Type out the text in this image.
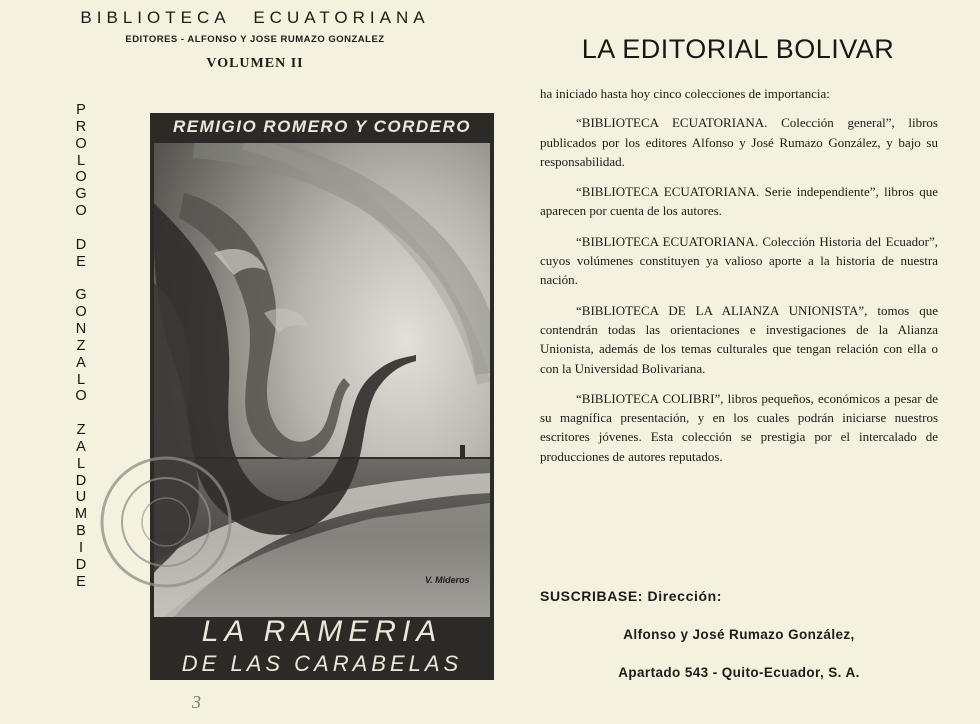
BIBLIOTECA ECUATORIANA
EDITORES - ALFONSO Y JOSE RUMAZO GONZALEZ
VOLUMEN II
P
R
O
L
O
G
O

D
E

G
O
N
Z
A
L
O

Z
A
L
D
U
M
B
I
D
E
REMIGIO ROMERO Y CORDERO
LA RAMERIA
DE LAS CARABELAS
V. Mideros
3
LA EDITORIAL BOLIVAR

ha iniciado hasta hoy cinco colecciones de importancia:

“BIBLIOTECA ECUATORIANA. Colección general”, libros publicados por los editores Alfonso y José Rumazo González, y bajo su responsabilidad.

“BIBLIOTECA ECUATORIANA. Serie independiente”, libros que aparecen por cuenta de los autores.

“BIBLIOTECA ECUATORIANA. Colección Historia del Ecuador”, cuyos volúmenes constituyen ya valioso aporte a la historia de nuestra nación.

“BIBLIOTECA DE LA ALIANZA UNIONISTA”, tomos que contendrán todas las orientaciones e investigaciones de la Alianza Unionista, además de los temas culturales que tengan relación con ella o con la Universidad Bolivariana.

“BIBLIOTECA COLIBRI”, libros pequeños, económicos a pesar de su magnífica presentación, y en los cuales podrán iniciarse nuestros escritores jóvenes. Esta colección se prestigia por el intercalado de producciones de autores reputados.

SUSCRIBASE: Dirección:
Alfonso y José Rumazo González,
Apartado 543 - Quito-Ecuador, S. A.
